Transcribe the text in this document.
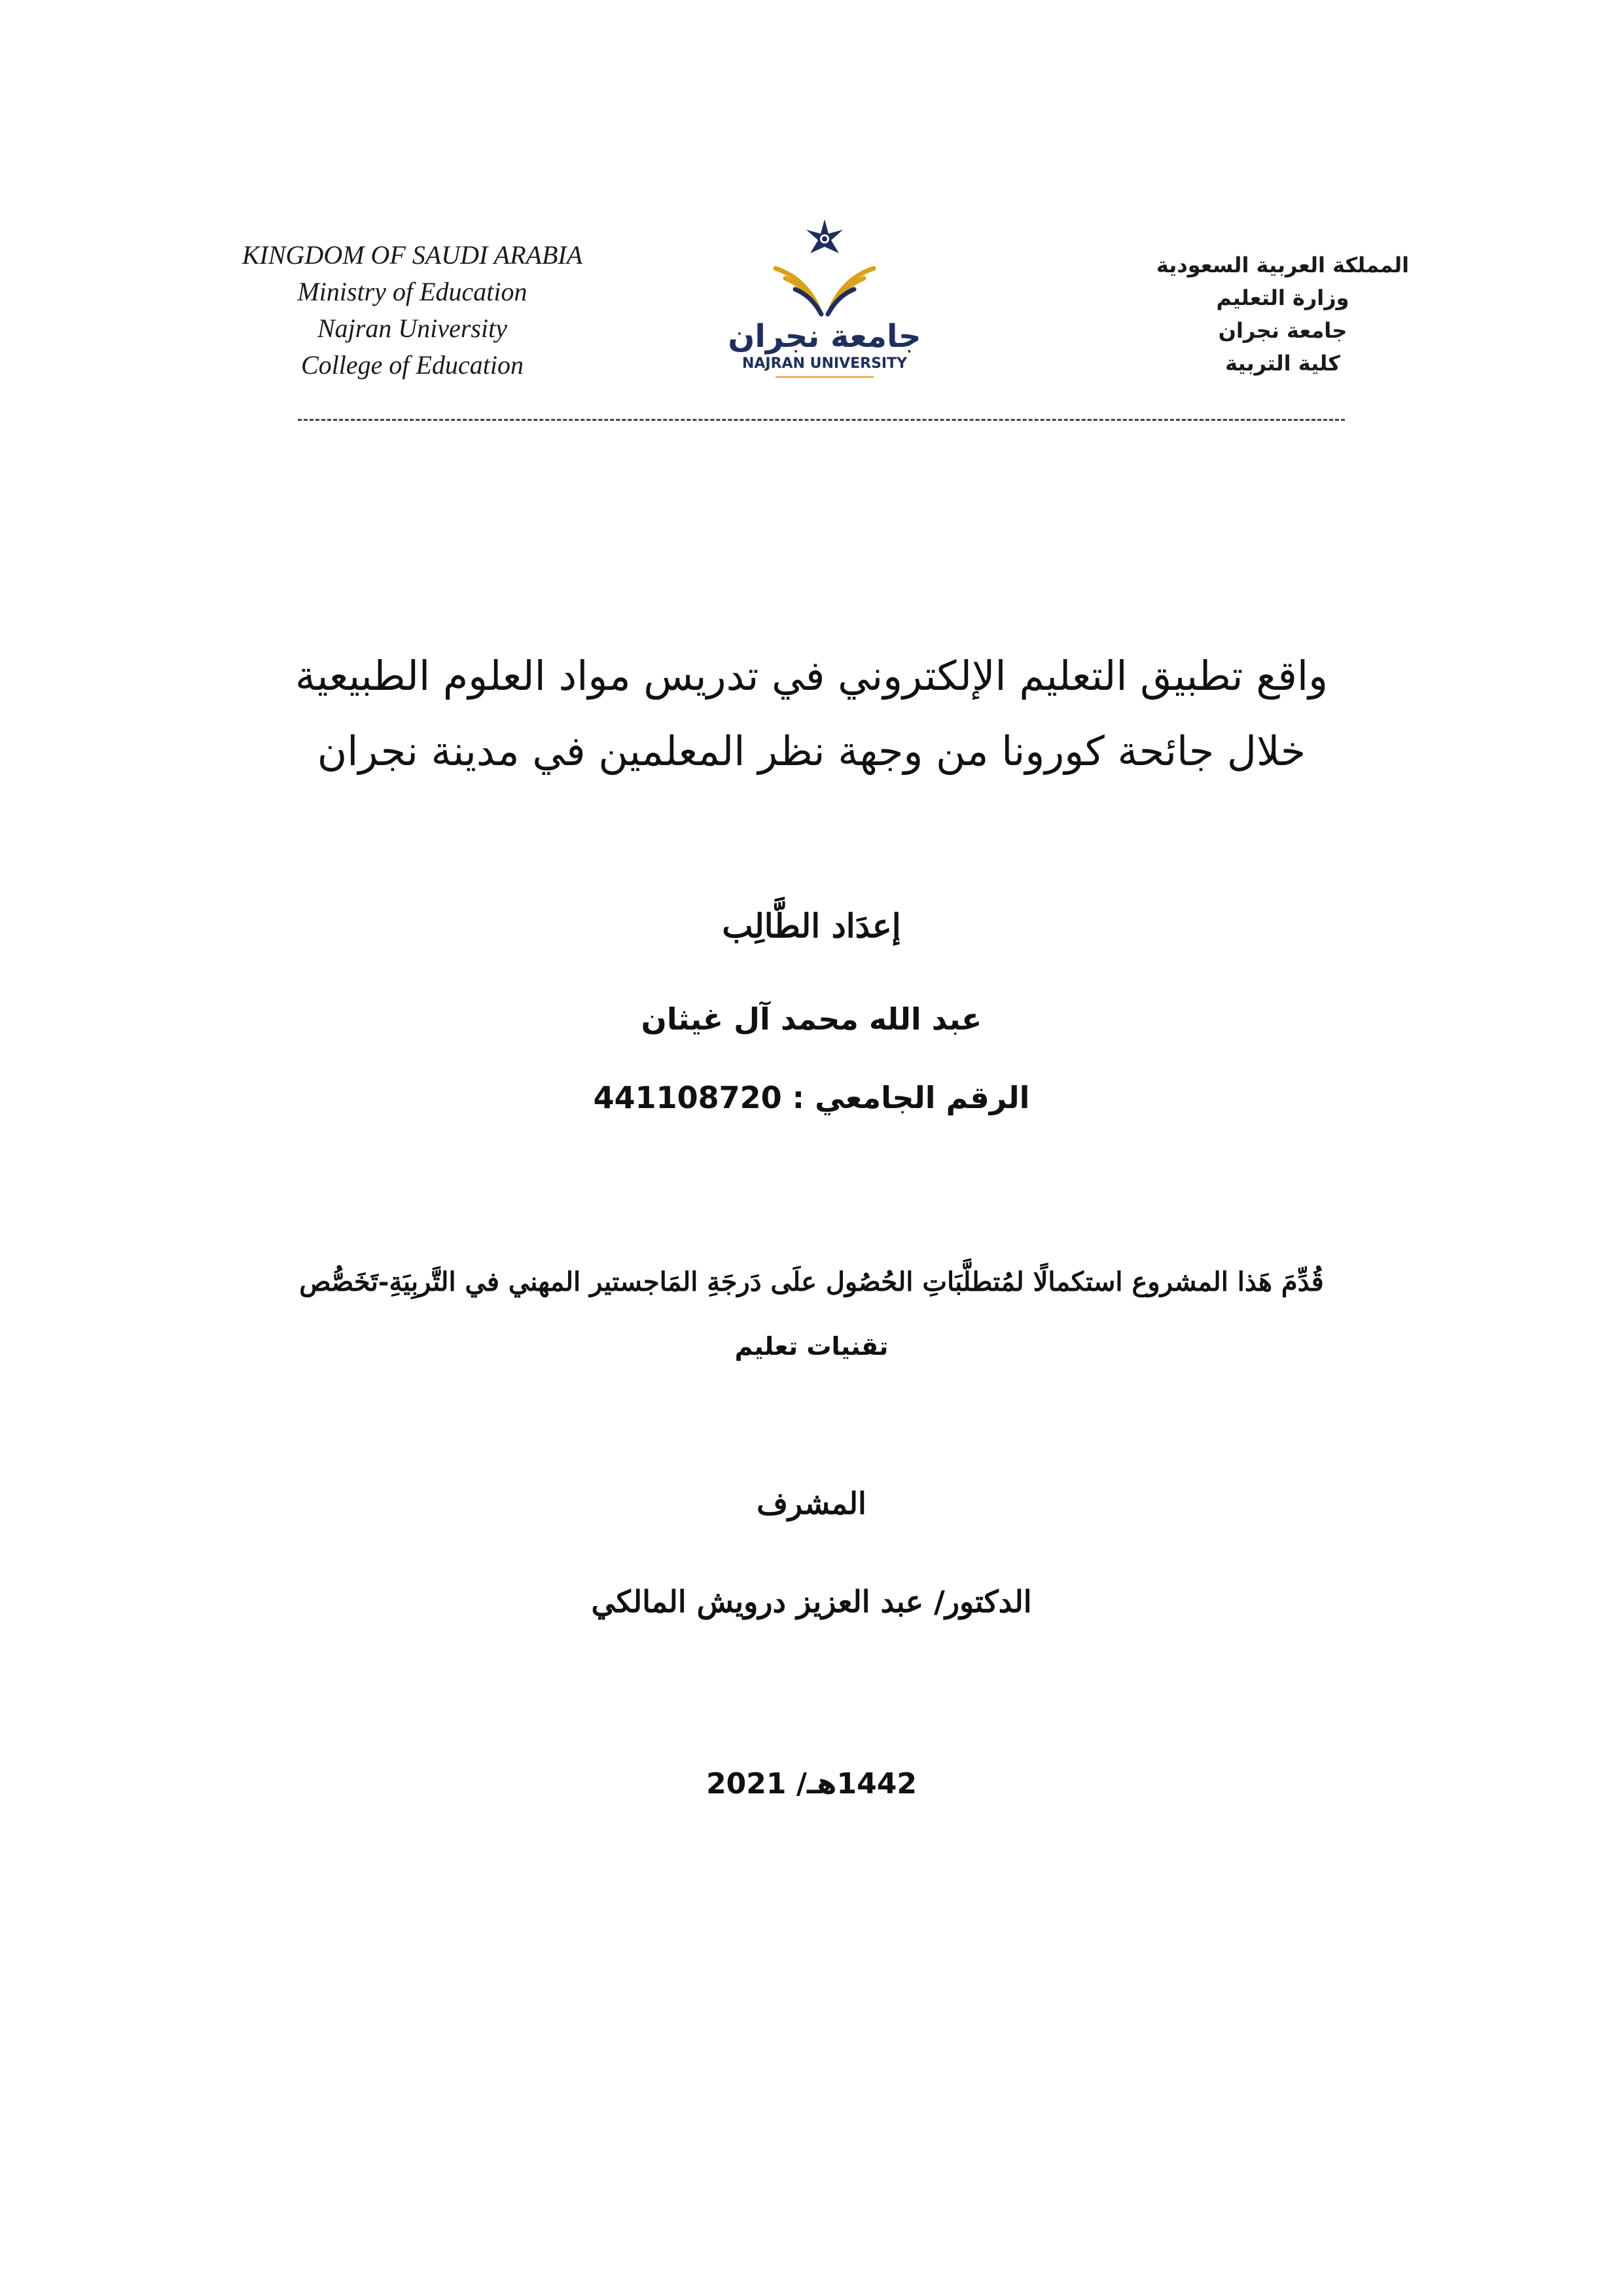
KINGDOM OF SAUDI ARABIA
Ministry of Education
Najran University
College of Education
جامعة نجران
NAJRAN UNIVERSITY
المملكة العربية السعودية
وزارة التعليم
جامعة نجران
كلية التربية
واقع تطبيق التعليم الإلكتروني في تدريس مواد العلوم الطبيعية
خلال جائحة كورونا من وجهة نظر المعلمين في مدينة نجران
إعدَاد الطَّالِب
عبد الله محمد آل غيثان
الرقم الجامعي : 441108720
قُدِّمَ هَذا المشروع استكمالًا لمُتطلَّبَاتِ الحُصُول علَى دَرجَةِ المَاجستير المهني في التَّربِيَةِ-تَخَصُّص
تقنيات تعليم
المشرف
الدكتور/ عبد العزيز درويش المالكي
1442هـ/ 2021
